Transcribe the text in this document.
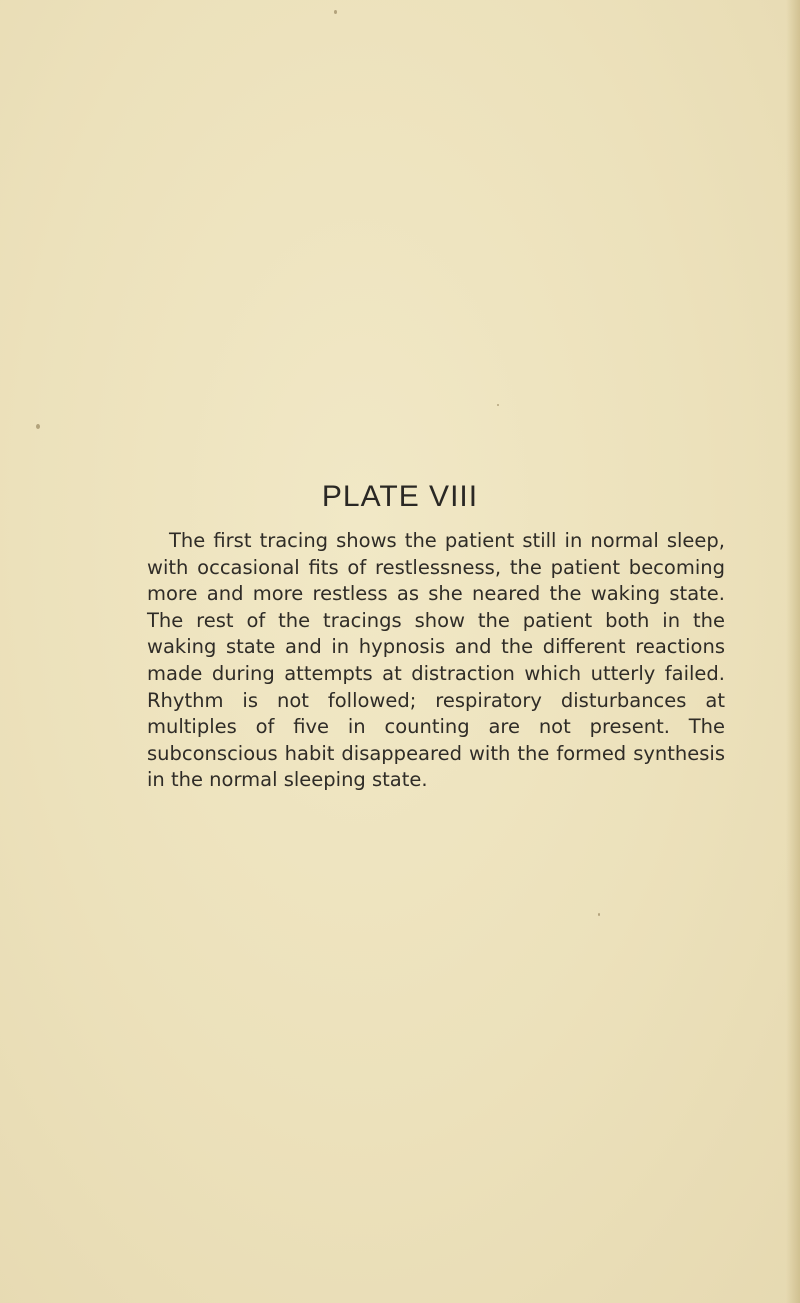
PLATE VIII

The first tracing shows the patient still in normal sleep, with occasional fits of restlessness, the patient becoming more and more restless as she neared the waking state. The rest of the tracings show the patient both in the waking state and in hypnosis and the different reactions made during attempts at distraction which utterly failed. Rhythm is not followed; respiratory disturbances at multiples of five in counting are not present. The subconscious habit disappeared with the formed synthesis in the normal sleeping state.
